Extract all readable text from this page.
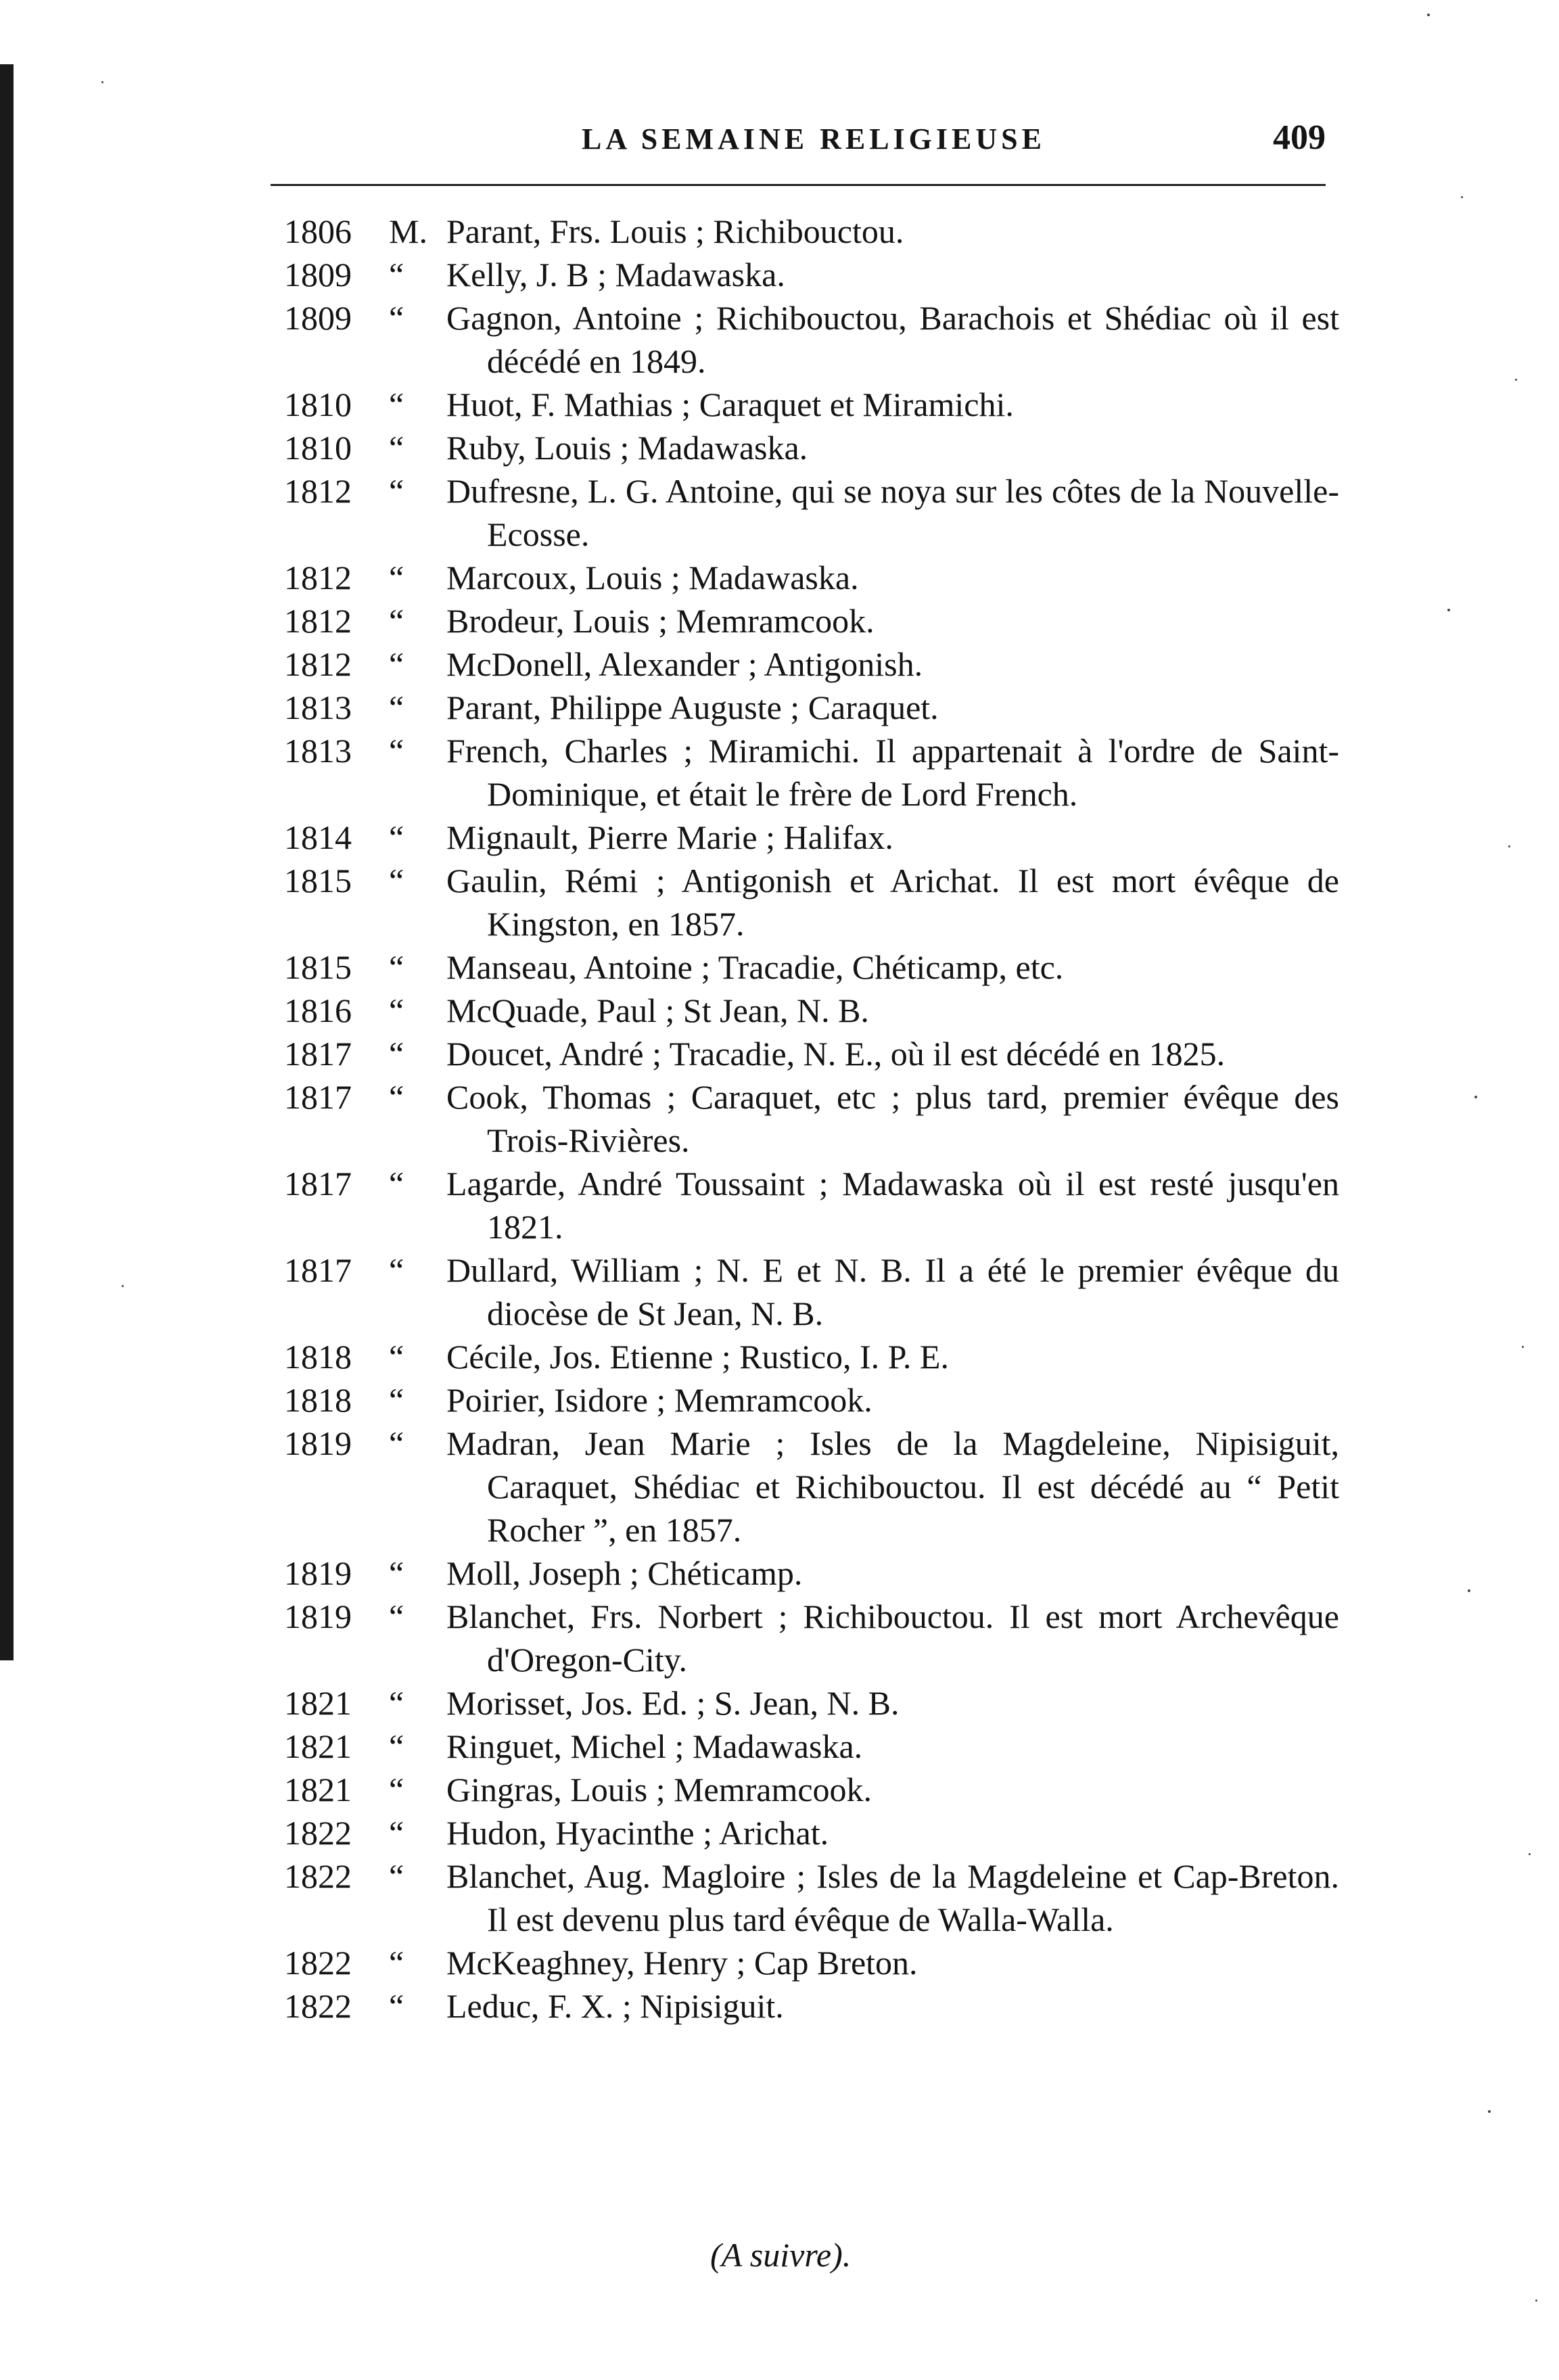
LA SEMAINE RELIGIEUSE	409
1806	M. Parant, Frs. Louis ; Richibouctou.
1809	“	Kelly, J. B ; Madawaska.
1809	“	Gagnon, Antoine ; Richibouctou, Barachois et Shédiac où il est décédé en 1849.
1810	“	Huot, F. Mathias ; Caraquet et Miramichi.
1810	“	Ruby, Louis ; Madawaska.
1812	“	Dufresne, L. G. Antoine, qui se noya sur les côtes de la Nouvelle-Ecosse.
1812	“	Marcoux, Louis ; Madawaska.
1812	“	Brodeur, Louis ; Memramcook.
1812	“	McDonell, Alexander ; Antigonish.
1813	“	Parant, Philippe Auguste ; Caraquet.
1813	“	French, Charles ; Miramichi. Il appartenait à l'ordre de Saint-Dominique, et était le frère de Lord French.
1814	“	Mignault, Pierre Marie ; Halifax.
1815	“	Gaulin, Rémi ; Antigonish et Arichat. Il est mort évêque de Kingston, en 1857.
1815	“	Manseau, Antoine ; Tracadie, Chéticamp, etc.
1816	“	McQuade, Paul ; St Jean, N. B.
1817	“	Doucet, André ; Tracadie, N. E., où il est décédé en 1825.
1817	“	Cook, Thomas ; Caraquet, etc ; plus tard, premier évêque des Trois-Rivières.
1817	“	Lagarde, André Toussaint ; Madawaska où il est resté jusqu'en 1821.
1817	“	Dullard, William ; N. E et N. B. Il a été le premier évêque du diocèse de St Jean, N. B.
1818	“	Cécile, Jos. Etienne ; Rustico, I. P. E.
1818	“	Poirier, Isidore ; Memramcook.
1819	“	Madran, Jean Marie ; Isles de la Magdeleine, Nipisiguit, Caraquet, Shédiac et Richibouctou. Il est décédé au “ Petit Rocher ”, en 1857.
1819	“	Moll, Joseph ; Chéticamp.
1819	“	Blanchet, Frs. Norbert ; Richibouctou. Il est mort Archevêque d'Oregon-City.
1821	“	Morisset, Jos. Ed. ; S. Jean, N. B.
1821	“	Ringuet, Michel ; Madawaska.
1821	“	Gingras, Louis ; Memramcook.
1822	“	Hudon, Hyacinthe ; Arichat.
1822	“	Blanchet, Aug. Magloire ; Isles de la Magdeleine et Cap-Breton. Il est devenu plus tard évêque de Walla-Walla.
1822	“	McKeaghney, Henry ; Cap Breton.
1822	“	Leduc, F. X. ; Nipisiguit.
(A suivre).
